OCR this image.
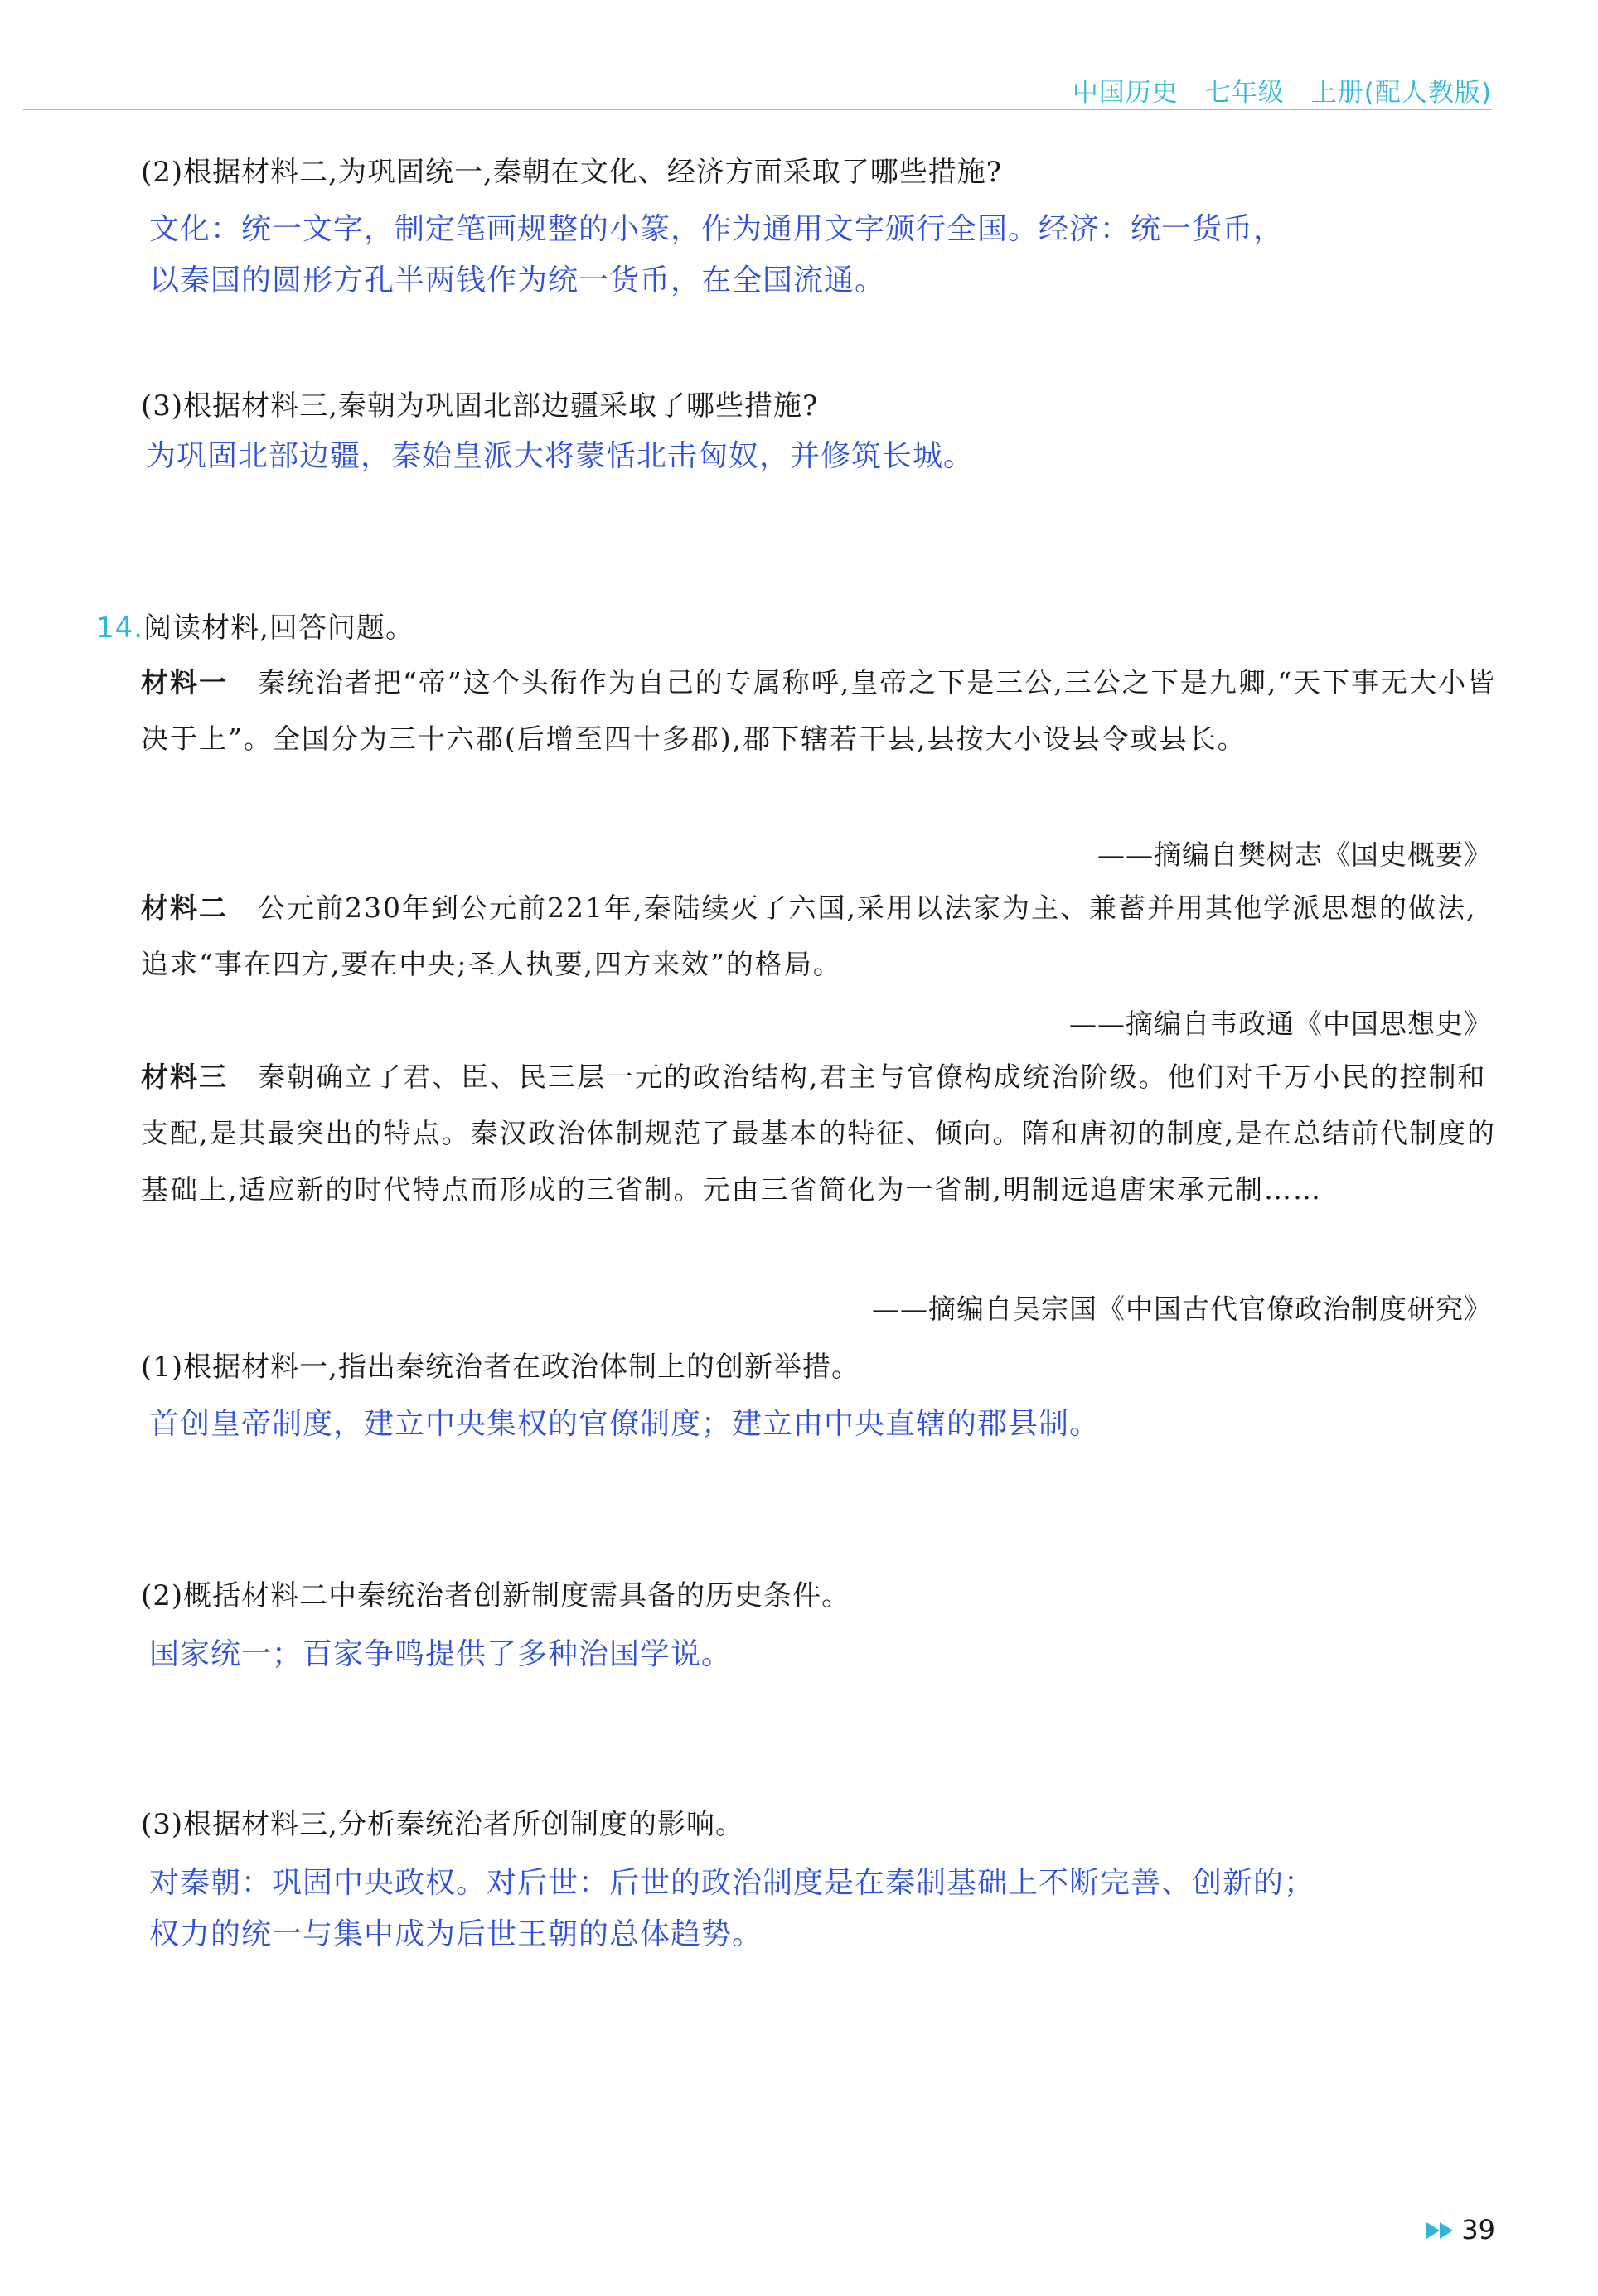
中国历史　七年级　上册(配人教版)
(2)根据材料二,为巩固统一,秦朝在文化、经济方面采取了哪些措施?
文化：统一文字，制定笔画规整的小篆，作为通用文字颁行全国。经济：统一货币，
以秦国的圆形方孔半两钱作为统一货币，在全国流通。
(3)根据材料三,秦朝为巩固北部边疆采取了哪些措施?
为巩固北部边疆，秦始皇派大将蒙恬北击匈奴，并修筑长城。
14.阅读材料,回答问题。
材料一 秦统治者把“帝”这个头衔作为自己的专属称呼,皇帝之下是三公,三公之下是九卿,“天下事无大小皆决于上”。全国分为三十六郡(后增至四十多郡),郡下辖若干县,县按大小设县令或县长。
——摘编自樊树志《国史概要》
材料二 公元前230年到公元前221年,秦陆续灭了六国,采用以法家为主、兼蓄并用其他学派思想的做法,追求“事在四方,要在中央;圣人执要,四方来效”的格局。
——摘编自韦政通《中国思想史》
材料三 秦朝确立了君、臣、民三层一元的政治结构,君主与官僚构成统治阶级。他们对千万小民的控制和支配,是其最突出的特点。秦汉政治体制规范了最基本的特征、倾向。隋和唐初的制度,是在总结前代制度的基础上,适应新的时代特点而形成的三省制。元由三省简化为一省制,明制远追唐宋承元制……
——摘编自吴宗国《中国古代官僚政治制度研究》
(1)根据材料一,指出秦统治者在政治体制上的创新举措。
首创皇帝制度，建立中央集权的官僚制度；建立由中央直辖的郡县制。
(2)概括材料二中秦统治者创新制度需具备的历史条件。
国家统一；百家争鸣提供了多种治国学说。
(3)根据材料三,分析秦统治者所创制度的影响。
对秦朝：巩固中央政权。对后世：后世的政治制度是在秦制基础上不断完善、创新的；
权力的统一与集中成为后世王朝的总体趋势。
39
